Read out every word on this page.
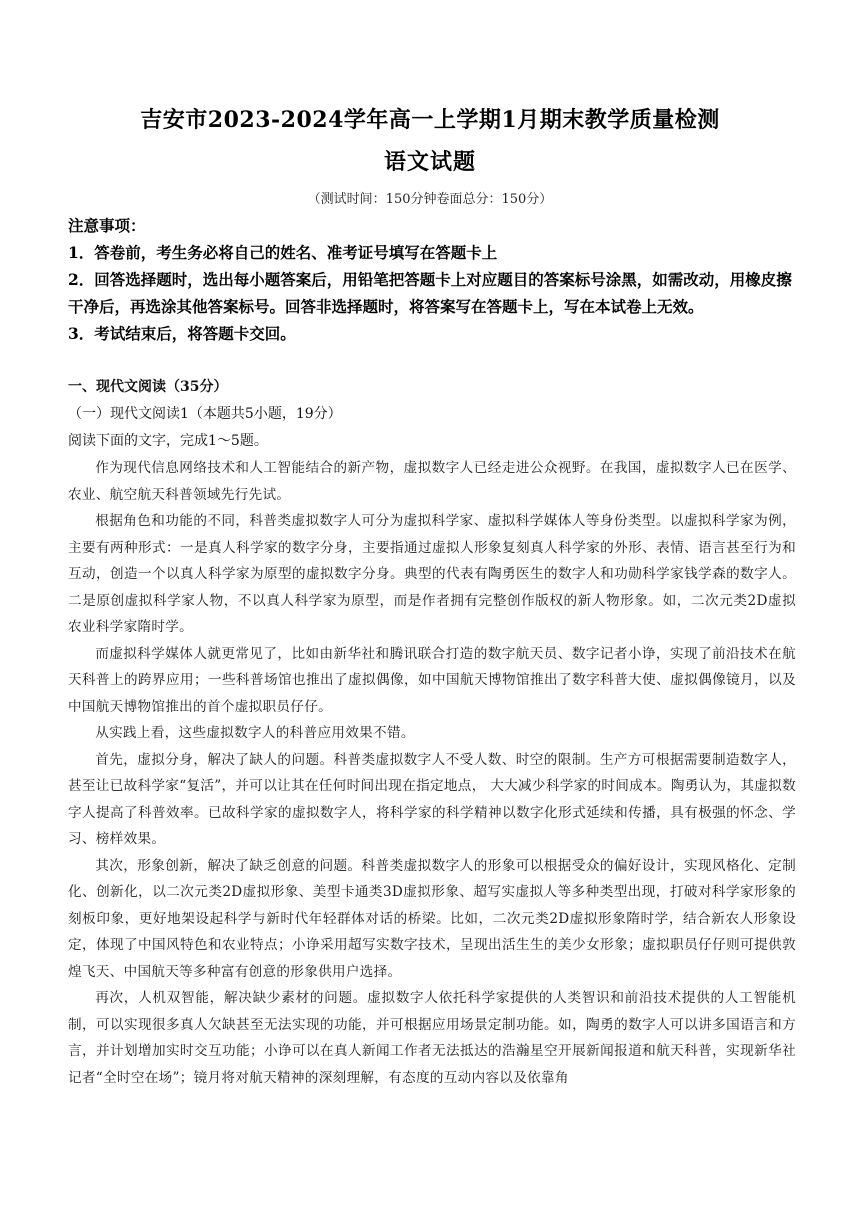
吉安市2023-2024学年高一上学期1月期末教学质量检测
语文试题
（测试时间：150分钟卷面总分：150分）
注意事项：
1．答卷前，考生务必将自己的姓名、准考证号填写在答题卡上
2．回答选择题时，选出每小题答案后，用铅笔把答题卡上对应题目的答案标号涂黑，如需改动，用橡皮擦干净后，再选涂其他答案标号。回答非选择题时，将答案写在答题卡上，写在本试卷上无效。
3．考试结束后，将答题卡交回。
一、现代文阅读（35分）
（一）现代文阅读1（本题共5小题，19分）
阅读下面的文字，完成1～5题。

作为现代信息网络技术和人工智能结合的新产物，虚拟数字人已经走进公众视野。在我国，虚拟数字人已在医学、农业、航空航天科普领域先行先试。

根据角色和功能的不同，科普类虚拟数字人可分为虚拟科学家、虚拟科学媒体人等身份类型。以虚拟科学家为例，主要有两种形式：一是真人科学家的数字分身，主要指通过虚拟人形象复刻真人科学家的外形、表情、语言甚至行为和互动，创造一个以真人科学家为原型的虚拟数字分身。典型的代表有陶勇医生的数字人和功勋科学家钱学森的数字人。二是原创虚拟科学家人物，不以真人科学家为原型，而是作者拥有完整创作版权的新人物形象。如，二次元类2D虚拟农业科学家隋时学。

而虚拟科学媒体人就更常见了，比如由新华社和腾讯联合打造的数字航天员、数字记者小诤，实现了前沿技术在航天科普上的跨界应用；一些科普场馆也推出了虚拟偶像，如中国航天博物馆推出了数字科普大使、虚拟偶像镜月，以及中国航天博物馆推出的首个虚拟职员仔仔。

从实践上看，这些虚拟数字人的科普应用效果不错。

首先，虚拟分身，解决了缺人的问题。科普类虚拟数字人不受人数、时空的限制。生产方可根据需要制造数字人，甚至让已故科学家“复活”，并可以让其在任何时间出现在指定地点， 大大减少科学家的时间成本。陶勇认为，其虚拟数字人提高了科普效率。已故科学家的虚拟数字人，将科学家的科学精神以数字化形式延续和传播，具有极强的怀念、学习、榜样效果。

其次，形象创新，解决了缺乏创意的问题。科普类虚拟数字人的形象可以根据受众的偏好设计，实现风格化、定制化、创新化，以二次元类2D虚拟形象、美型卡通类3D虚拟形象、超写实虚拟人等多种类型出现，打破对科学家形象的刻板印象，更好地架设起科学与新时代年轻群体对话的桥梁。比如，二次元类2D虚拟形象隋时学，结合新农人形象设定，体现了中国风特色和农业特点；小诤采用超写实数字技术，呈现出活生生的美少女形象；虚拟职员仔仔则可提供敦煌飞天、中国航天等多种富有创意的形象供用户选择。

再次，人机双智能，解决缺少素材的问题。虚拟数字人依托科学家提供的人类智识和前沿技术提供的人工智能机制，可以实现很多真人欠缺甚至无法实现的功能，并可根据应用场景定制功能。如，陶勇的数字人可以讲多国语言和方言，并计划增加实时交互功能；小诤可以在真人新闻工作者无法抵达的浩瀚星空开展新闻报道和航天科普，实现新华社记者“全时空在场”；镜月将对航天精神的深刻理解，有态度的互动内容以及依靠角
